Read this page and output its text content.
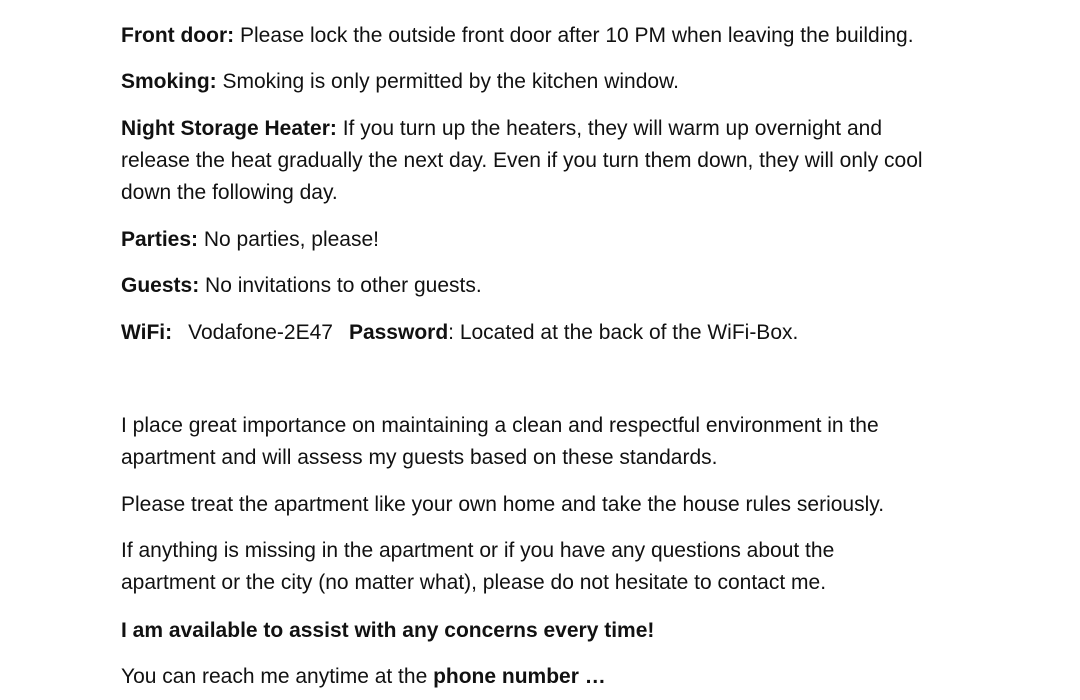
Front door: Please lock the outside front door after 10 PM when leaving the building.

Smoking: Smoking is only permitted by the kitchen window.

Night Storage Heater: If you turn up the heaters, they will warm up overnight and release the heat gradually the next day. Even if you turn them down, they will only cool down the following day.

Parties: No parties, please!

Guests: No invitations to other guests.

WiFi: Vodafone-2E47 Password: Located at the back of the WiFi-Box.

I place great importance on maintaining a clean and respectful environment in the apartment and will assess my guests based on these standards.

Please treat the apartment like your own home and take the house rules seriously.

If anything is missing in the apartment or if you have any questions about the apartment or the city (no matter what), please do not hesitate to contact me.

I am available to assist with any concerns every time!

You can reach me anytime at the phone number …
